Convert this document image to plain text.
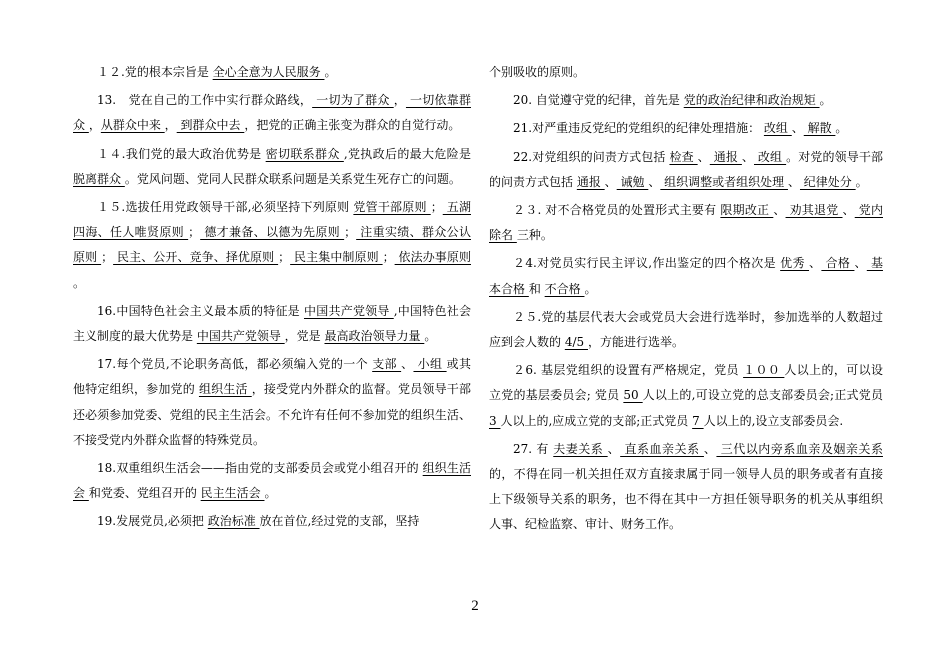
１２.党的根本宗旨是 全心全意为人民服务 。

13.　党在自己的工作中实行群众路线， 一切为了群众 ， 一切依靠群众 ，从群众中来 ， 到群众中去 ，把党的正确主张变为群众的自觉行动。

１４.我们党的最大政治优势是 密切联系群众 ,党执政后的最大危险是 脱离群众 。党风问题、党同人民群众联系问题是关系党生死存亡的问题。

１５.选拔任用党政领导干部,必须坚持下列原则 党管干部原则 ； 五湖四海、任人唯贤原则 ； 德才兼备、以德为先原则 ； 注重实绩、群众公认原则 ； 民主、公开、竞争、择优原则 ； 民主集中制原则 ； 依法办事原则 。

16.中国特色社会主义最本质的特征是 中国共产党领导 ,中国特色社会主义制度的最大优势是 中国共产党领导 ，党是 最高政治领导力量 。

17.每个党员,不论职务高低，都必须编入党的一个 支部 、 小组 或其他特定组织，参加党的 组织生活 ，接受党内外群众的监督。党员领导干部还必须参加党委、党组的民主生活会。不允许有任何不参加党的组织生活、不接受党内外群众监督的特殊党员。

18.双重组织生活会——指由党的支部委员会或党小组召开的 组织生活会 和党委、党组召开的 民主生活会 。

19.发展党员,必须把 政治标准 放在首位,经过党的支部，坚持

个别吸收的原则。

20. 自觉遵守党的纪律，首先是 党的政治纪律和政治规矩 。

21.对严重违反党纪的党组织的纪律处理措施： 改组 、 解散 。

22.对党组织的问责方式包括 检查 、 通报 、 改组 。对党的领导干部的问责方式包括 通报 、 诫勉 、 组织调整或者组织处理 、 纪律处分 。

２３. 对不合格党员的处置形式主要有 限期改正 、 劝其退党 、 党内除名 三种。

２4.对党员实行民主评议,作出鉴定的四个格次是 优秀 、 合格 、 基本合格 和 不合格 。

２５.党的基层代表大会或党员大会进行选举时，参加选举的人数超过应到会人数的 4/5 ，方能进行选举。

２6. 基层党组织的设置有严格规定，党员 １００ 人以上的，可以设立党的基层委员会; 党员 50 人以上的,可设立党的总支部委员会;正式党员 3 人以上的,应成立党的支部;正式党员 7 人以上的,设立支部委员会.

27. 有 夫妻关系 、 直系血亲关系 、 三代以内旁系血亲及姻亲关系 的，不得在同一机关担任双方直接隶属于同一领导人员的职务或者有直接上下级领导关系的职务，也不得在其中一方担任领导职务的机关从事组织人事、纪检监察、审计、财务工作。

2
